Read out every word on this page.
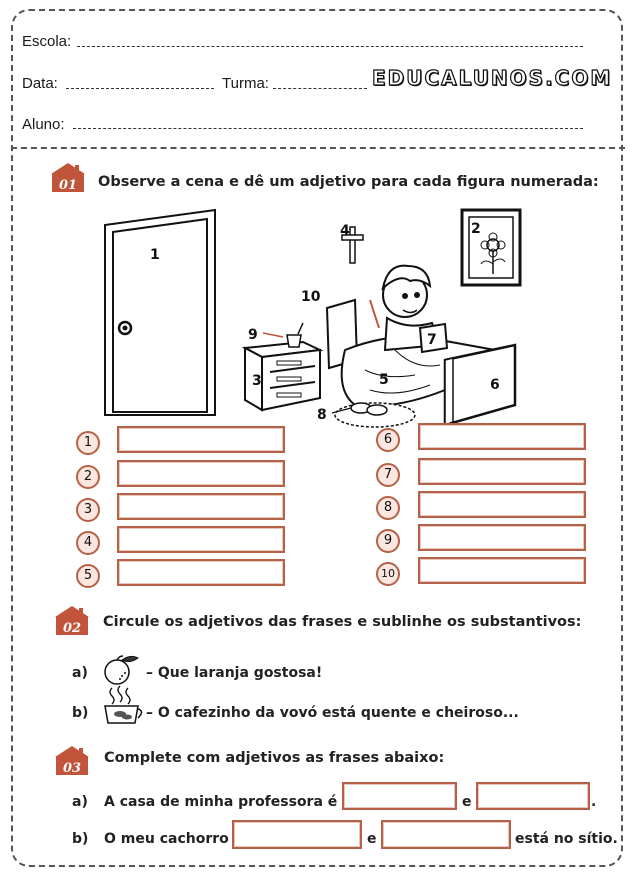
Escola:
Data:	Turma:	EDUCALUNOS.COM
Aluno:
01 Observe a cena e dê um adjetivo para cada figura numerada:
1
2
3
4
5	6
7
8
9
10
1
2
3
4
5
6
7
8
9
10
02 Circule os adjetivos das frases e sublinhe os substantivos:
a)	– Que laranja gostosa!
b)	– O cafezinho da vovó está quente e cheiroso...
03
Complete com adjetivos as frases abaixo:
a) A casa de minha professora é	e	.
b) O meu cachorro	e	está no sítio.
